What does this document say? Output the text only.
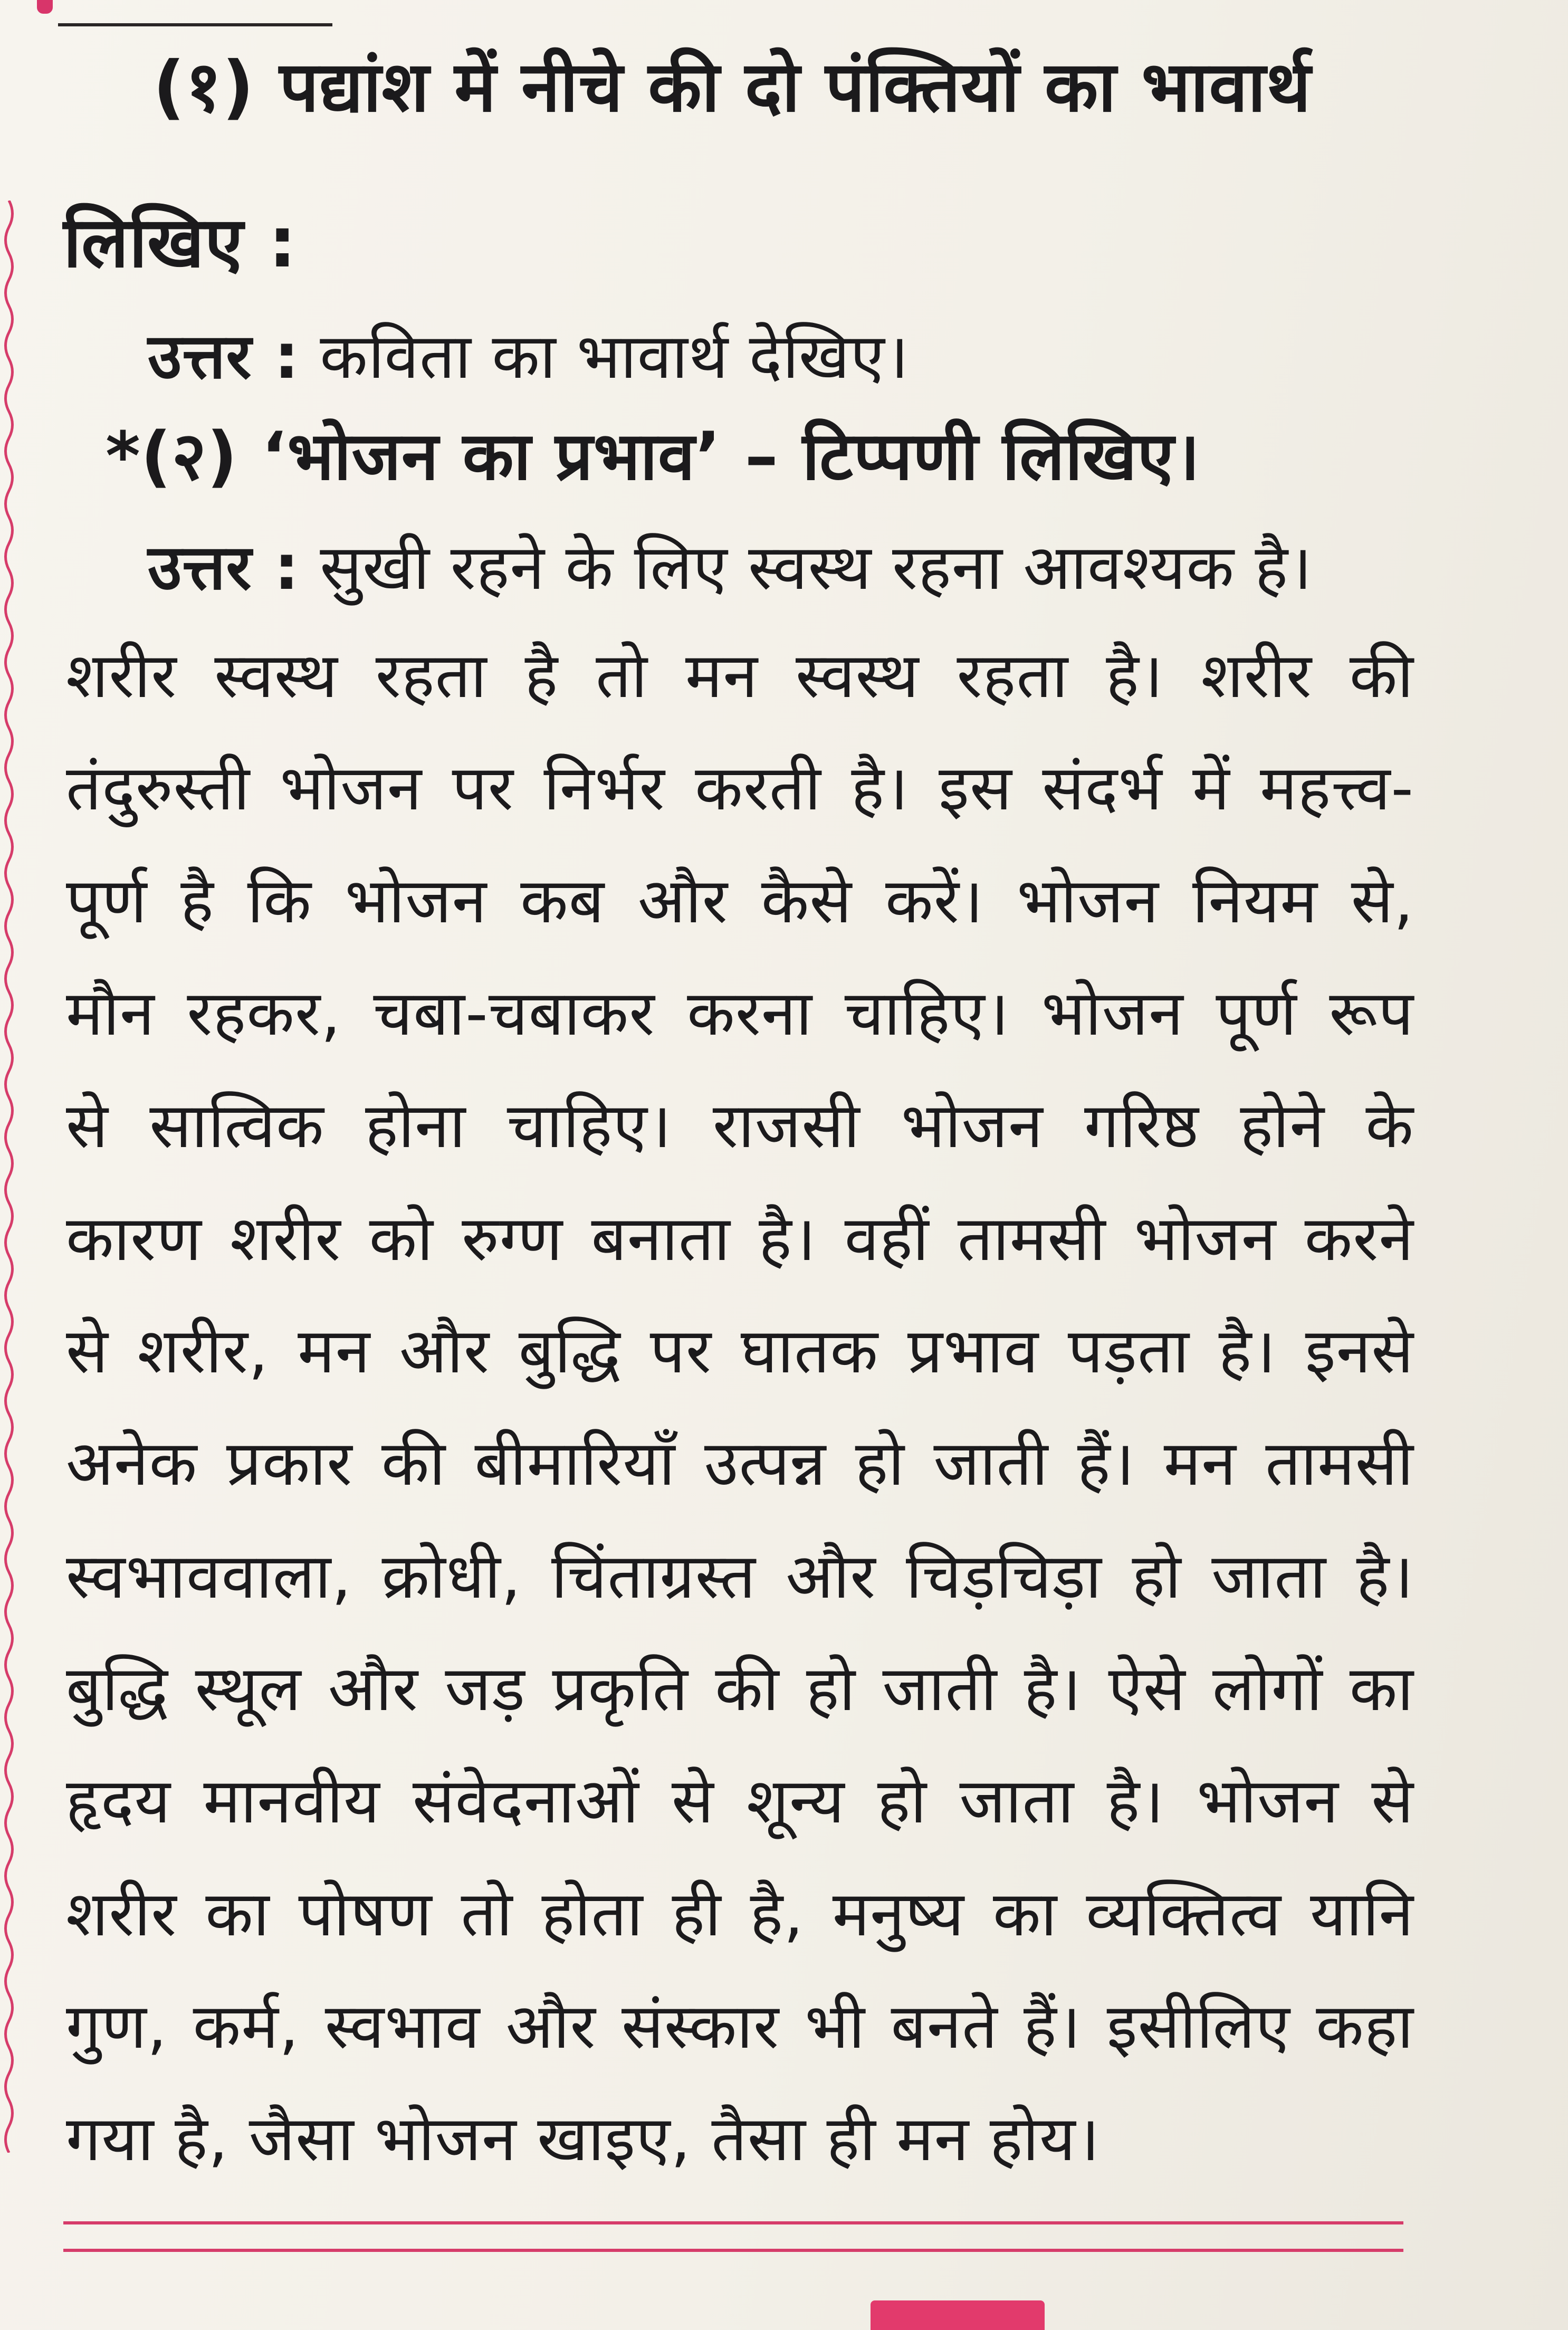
(१) पद्यांश में नीचे की दो पंक्तियों का भावार्थ
लिखिए :
उत्तर : कविता का भावार्थ देखिए।
*(२) ‘भोजन का प्रभाव’ – टिप्पणी लिखिए।
उत्तर : सुखी रहने के लिए स्वस्थ रहना आवश्यक है।
शरीर स्वस्थ रहता है तो मन स्वस्थ रहता है। शरीर की
तंदुरुस्ती भोजन पर निर्भर करती है। इस संदर्भ में महत्त्व-
पूर्ण है कि भोजन कब और कैसे करें। भोजन नियम से,
मौन रहकर, चबा-चबाकर करना चाहिए। भोजन पूर्ण रूप
से सात्विक होना चाहिए। राजसी भोजन गरिष्ठ होने के
कारण शरीर को रुग्ण बनाता है। वहीं तामसी भोजन करने
से शरीर, मन और बुद्धि पर घातक प्रभाव पड़ता है। इनसे
अनेक प्रकार की बीमारियाँ उत्पन्न हो जाती हैं। मन तामसी
स्वभाववाला, क्रोधी, चिंताग्रस्त और चिड़चिड़ा हो जाता है।
बुद्धि स्थूल और जड़ प्रकृति की हो जाती है। ऐसे लोगों का
हृदय मानवीय संवेदनाओं से शून्य हो जाता है। भोजन से
शरीर का पोषण तो होता ही है, मनुष्य का व्यक्तित्व यानि
गुण, कर्म, स्वभाव और संस्कार भी बनते हैं। इसीलिए कहा
गया है, जैसा भोजन खाइए, तैसा ही मन होय।
